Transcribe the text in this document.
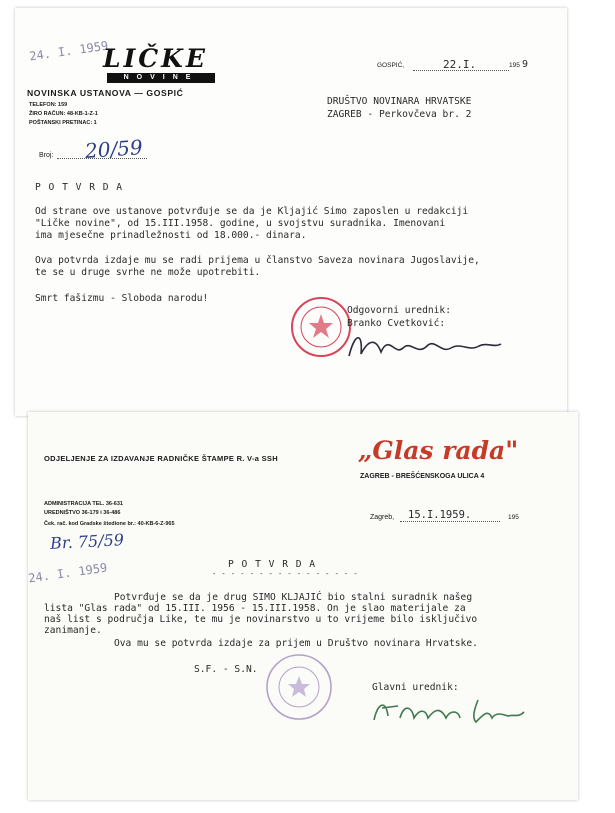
24. I. 1959
LIČKE
NOVINE
NOVINSKA USTANOVA — GOSPIĆ
TELEFON: 159
ŽIRO RAČUN: 48-KB-1-Z-1
POŠTANSKI PRETINAC: 1
Broj: 20/59
GOSPIĆ,	22.I.	195 9
DRUŠTVO NOVINARA HRVATSKE
ZAGREB - Perkovčeva br. 2
P O T V R D A
Od strane ove ustanove potvrđuje se da je Kljajić Simo zaposlen u redakciji
"Ličke novine", od 15.III.1958. godine, u svojstvu suradnika. Imenovani
ima mjesečne prinadležnosti od 18.000.- dinara.
Ova potvrda izdaje mu se radi prijema u članstvo Saveza novinara Jugoslavije,
te se u druge svrhe ne može upotrebiti.
Smrt fašizmu - Sloboda narodu!
Odgovorni urednik:
Branko Cvetković:
ODJELJENJE ZA IZDAVANJE RADNIČKE ŠTAMPE R. V-a SSH	„Glas rada"
ZAGREB - BREŠĆENSKOGA ULICA 4
ADMINISTRACIJA TEL. 36-631
UREDNIŠTVO 36-179 i 36-486
Ček. rač. kod Gradske štedione br.: 40-KB-6-Z-965
Br. 75/59
24. I. 1959
Zagreb, 15.I.1959.	195
P O T V R D A
- - - - - - - - - - - - - - - -
Potvrđuje se da je drug SIMO KLJAJIĆ bio stalni suradnik našeg
lista "Glas rada" od 15.III. 1956 - 15.III.1958. On je slao materijale za
naš list s područja Like, te mu je novinarstvo u to vrijeme bilo isključivo
zanimanje.
Ova mu se potvrda izdaje za prijem u Društvo novinara Hrvatske.
S.F. - S.N.
Glavni urednik:
